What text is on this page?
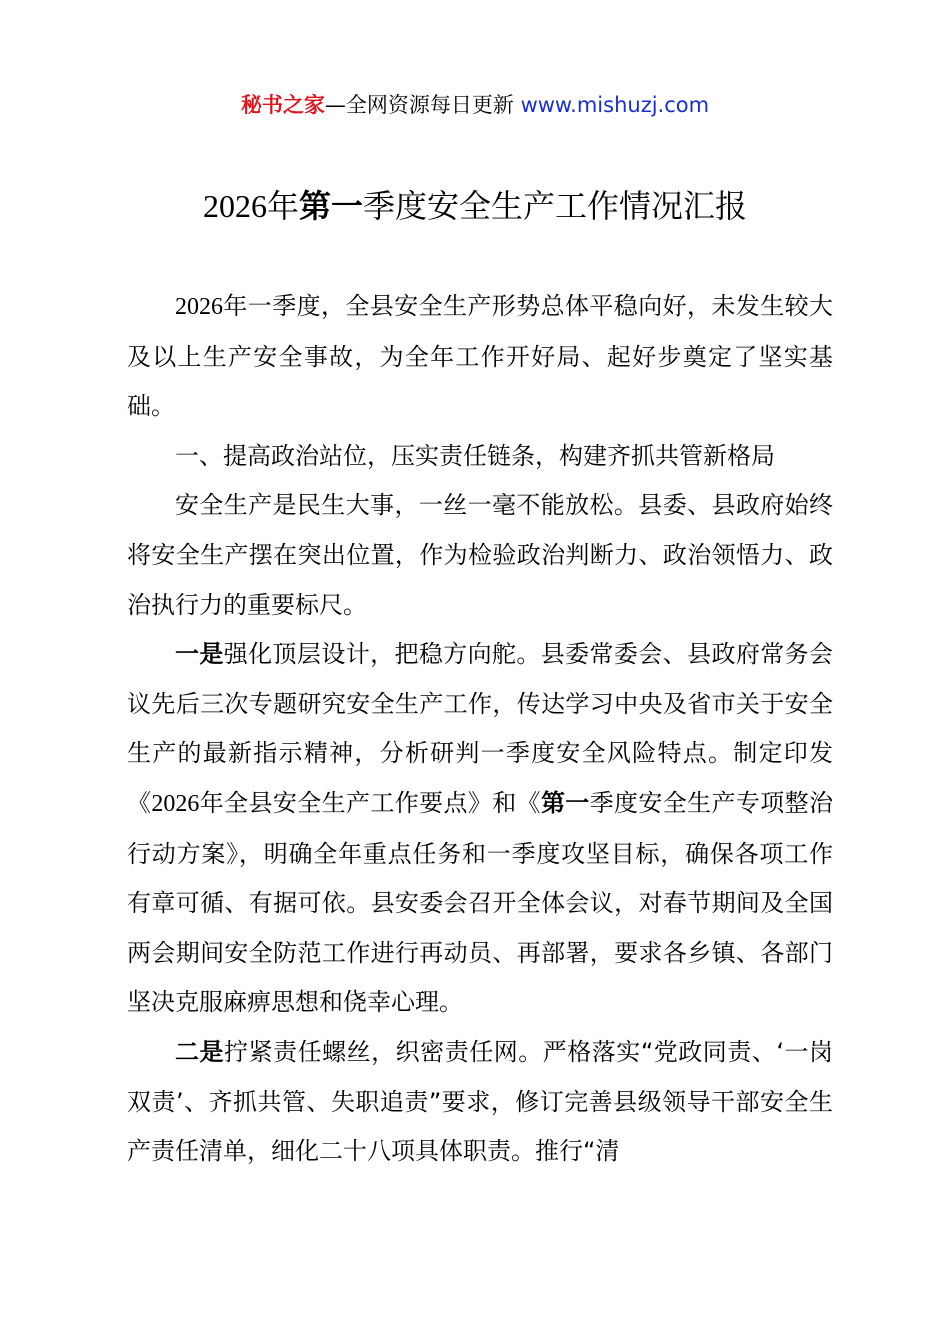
秘书之家—全网资源每日更新 www.mishuzj.com
2026年第一季度安全生产工作情况汇报

2026年一季度，全县安全生产形势总体平稳向好，未发生较大及以上生产安全事故，为全年工作开好局、起好步奠定了坚实基础。

一、提高政治站位，压实责任链条，构建齐抓共管新格局

安全生产是民生大事，一丝一毫不能放松。县委、县政府始终将安全生产摆在突出位置，作为检验政治判断力、政治领悟力、政治执行力的重要标尺。

一是强化顶层设计，把稳方向舵。县委常委会、县政府常务会议先后三次专题研究安全生产工作，传达学习中央及省市关于安全生产的最新指示精神，分析研判一季度安全风险特点。制定印发《2026年全县安全生产工作要点》和《第一季度安全生产专项整治行动方案》，明确全年重点任务和一季度攻坚目标，确保各项工作有章可循、有据可依。县安委会召开全体会议，对春节期间及全国两会期间安全防范工作进行再动员、再部署，要求各乡镇、各部门坚决克服麻痹思想和侥幸心理。

二是拧紧责任螺丝，织密责任网。严格落实“党政同责、‘一岗双责’、齐抓共管、失职追责”要求，修订完善县级领导干部安全生产责任清单，细化二十八项具体职责。推行“清
